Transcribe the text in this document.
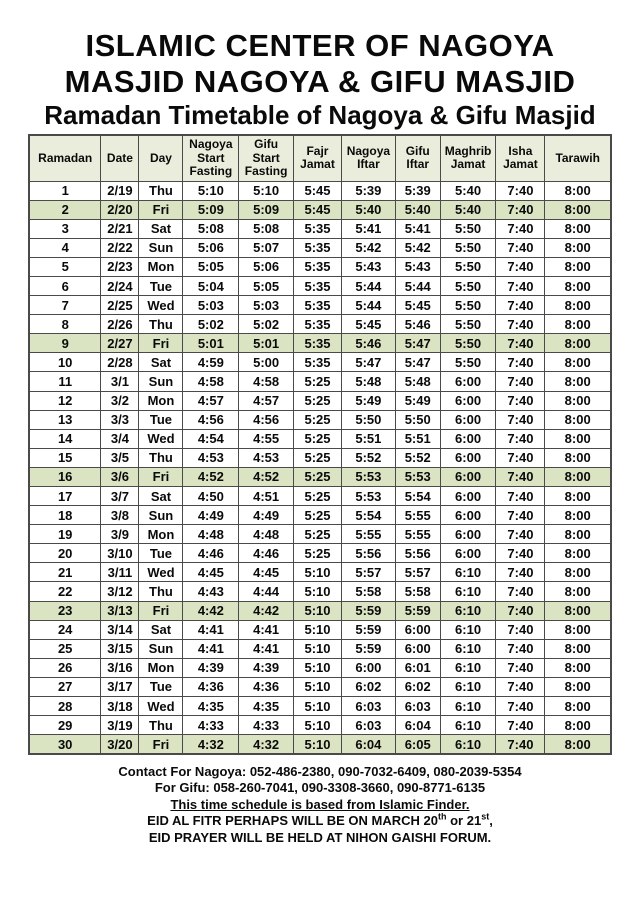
ISLAMIC CENTER OF NAGOYA
MASJID NAGOYA & GIFU MASJID
Ramadan Timetable of Nagoya & Gifu Masjid
Ramadan	Date	Day	Nagoya Start Fasting	Gifu Start Fasting	Fajr Jamat	Nagoya Iftar	Gifu Iftar	Maghrib Jamat	Isha Jamat	Tarawih
1	2/19	Thu	5:10	5:10	5:45	5:39	5:39	5:40	7:40	8:00
2	2/20	Fri	5:09	5:09	5:45	5:40	5:40	5:40	7:40	8:00
3	2/21	Sat	5:08	5:08	5:35	5:41	5:41	5:50	7:40	8:00
4	2/22	Sun	5:06	5:07	5:35	5:42	5:42	5:50	7:40	8:00
5	2/23	Mon	5:05	5:06	5:35	5:43	5:43	5:50	7:40	8:00
6	2/24	Tue	5:04	5:05	5:35	5:44	5:44	5:50	7:40	8:00
7	2/25	Wed	5:03	5:03	5:35	5:44	5:45	5:50	7:40	8:00
8	2/26	Thu	5:02	5:02	5:35	5:45	5:46	5:50	7:40	8:00
9	2/27	Fri	5:01	5:01	5:35	5:46	5:47	5:50	7:40	8:00
10	2/28	Sat	4:59	5:00	5:35	5:47	5:47	5:50	7:40	8:00
11	3/1	Sun	4:58	4:58	5:25	5:48	5:48	6:00	7:40	8:00
12	3/2	Mon	4:57	4:57	5:25	5:49	5:49	6:00	7:40	8:00
13	3/3	Tue	4:56	4:56	5:25	5:50	5:50	6:00	7:40	8:00
14	3/4	Wed	4:54	4:55	5:25	5:51	5:51	6:00	7:40	8:00
15	3/5	Thu	4:53	4:53	5:25	5:52	5:52	6:00	7:40	8:00
16	3/6	Fri	4:52	4:52	5:25	5:53	5:53	6:00	7:40	8:00
17	3/7	Sat	4:50	4:51	5:25	5:53	5:54	6:00	7:40	8:00
18	3/8	Sun	4:49	4:49	5:25	5:54	5:55	6:00	7:40	8:00
19	3/9	Mon	4:48	4:48	5:25	5:55	5:55	6:00	7:40	8:00
20	3/10	Tue	4:46	4:46	5:25	5:56	5:56	6:00	7:40	8:00
21	3/11	Wed	4:45	4:45	5:10	5:57	5:57	6:10	7:40	8:00
22	3/12	Thu	4:43	4:44	5:10	5:58	5:58	6:10	7:40	8:00
23	3/13	Fri	4:42	4:42	5:10	5:59	5:59	6:10	7:40	8:00
24	3/14	Sat	4:41	4:41	5:10	5:59	6:00	6:10	7:40	8:00
25	3/15	Sun	4:41	4:41	5:10	5:59	6:00	6:10	7:40	8:00
26	3/16	Mon	4:39	4:39	5:10	6:00	6:01	6:10	7:40	8:00
27	3/17	Tue	4:36	4:36	5:10	6:02	6:02	6:10	7:40	8:00
28	3/18	Wed	4:35	4:35	5:10	6:03	6:03	6:10	7:40	8:00
29	3/19	Thu	4:33	4:33	5:10	6:03	6:04	6:10	7:40	8:00
30	3/20	Fri	4:32	4:32	5:10	6:04	6:05	6:10	7:40	8:00
Contact For Nagoya: 052-486-2380, 090-7032-6409, 080-2039-5354
For Gifu: 058-260-7041, 090-3308-3660, 090-8771-6135
This time schedule is based from Islamic Finder.
EID AL FITR PERHAPS WILL BE ON MARCH 20th or 21st,
EID PRAYER WILL BE HELD AT NIHON GAISHI FORUM.
